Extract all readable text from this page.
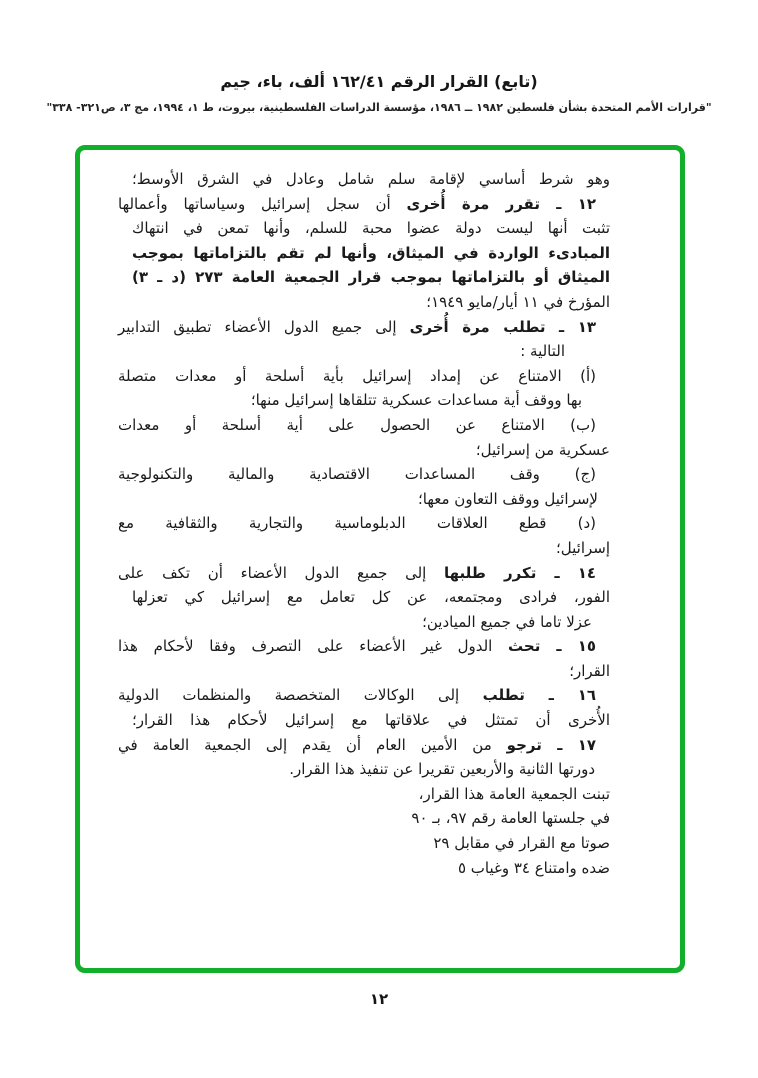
(تابع) القرار الرقم ١٦٢/٤١ ألف، باء، جيم
"قرارات الأمم المتحدة بشأن فلسطين ١٩٨٢ ــ ١٩٨٦، مؤسسة الدراسات الفلسطينية، بيروت، ط ١، ١٩٩٤، مج ٣، ص٣٢١- ٣٣٨"
وهو شرط أساسي لإقامة سلم شامل وعادل في الشرق الأوسط؛
١٢ ـ تقرر مرة أُخرى أن سجل إسرائيل وسياساتها وأعمالها
تثبت أنها ليست دولة عضوا محبة للسلم، وأنها تمعن في انتهاك
المبادىء الواردة في الميثاق، وأنها لم تقم بالتزاماتها بموجب
الميثاق أو بالتزاماتها بموجب قرار الجمعية العامة ٢٧٣ (د ـ ٣)
المؤرخ في ١١ أيار/مايو ١٩٤٩؛
١٣ ـ تطلب مرة أُخرى إلى جميع الدول الأعضاء تطبيق التدابير
التالية :
(أ) الامتناع عن إمداد إسرائيل بأية أسلحة أو معدات متصلة
بها ووقف أية مساعدات عسكرية تتلقاها إسرائيل منها؛
(ب) الامتناع عن الحصول على أية أسلحة أو معدات
عسكرية من إسرائيل؛
(ج) وقف المساعدات الاقتصادية والمالية والتكنولوجية
لإسرائيل ووقف التعاون معها؛
(د) قطع العلاقات الدبلوماسية والتجارية والثقافية مع
إسرائيل؛
١٤ ـ تكرر طلبها إلى جميع الدول الأعضاء أن تكف على
الفور، فرادى ومجتمعه، عن كل تعامل مع إسرائيل كي تعزلها
عزلا تاما في جميع الميادين؛
١٥ ـ تحث الدول غير الأعضاء على التصرف وفقا لأحكام هذا
القرار؛
١٦ ـ تطلب إلى الوكالات المتخصصة والمنظمات الدولية
الأُخرى أن تمتثل في علاقاتها مع إسرائيل لأحكام هذا القرار؛
١٧ ـ ترجو من الأمين العام أن يقدم إلى الجمعية العامة في
دورتها الثانية والأربعين تقريرا عن تنفيذ هذا القرار.
تبنت الجمعية العامة هذا القرار،
في جلستها العامة رقم ٩٧، بـ ٩٠
صوتا مع القرار في مقابل ٢٩
ضده وامتناع ٣٤ وغياب ٥
١٢
